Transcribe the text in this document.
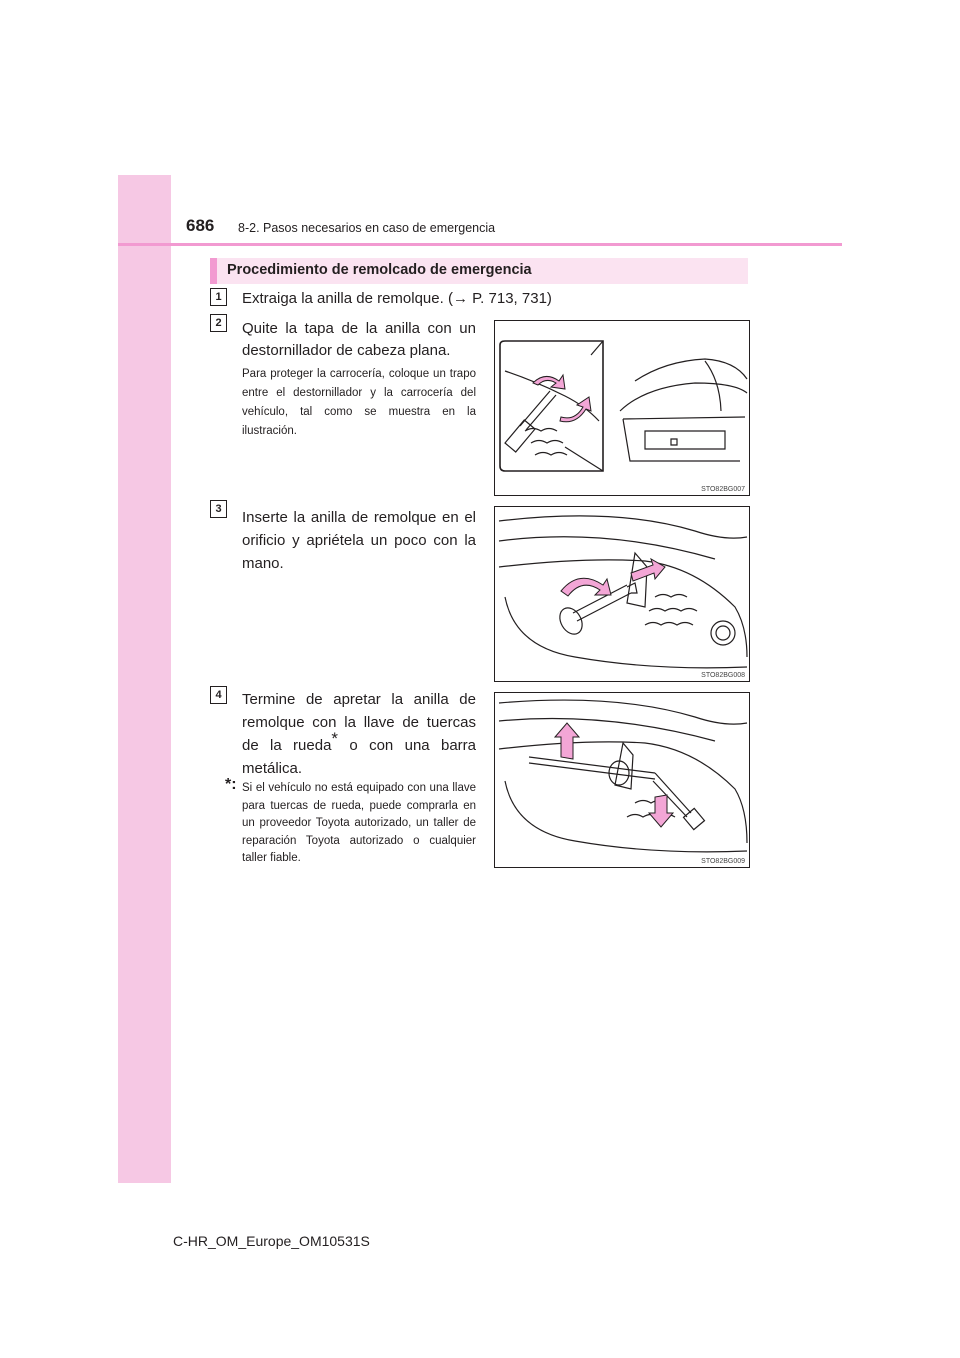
686 8-2. Pasos necesarios en caso de emergencia
Procedimiento de remolcado de emergencia
1	Extraiga la anilla de remolque. (→ P. 713, 731)
2	Quite la tapa de la anilla con un destornillador de cabeza plana.
Para proteger la carrocería, coloque un trapo entre el destornillador y la carrocería del vehículo, tal como se muestra en la ilustración.
STO82BG007
3	Inserte la anilla de remolque en el orificio y apriétela un poco con la mano.
STO82BG008
4	Termine de apretar la anilla de remolque con la llave de tuercas de la rueda* o con una barra metálica.
*: Si el vehículo no está equipado con una llave para tuercas de rueda, puede comprarla en un proveedor Toyota autorizado, un taller de reparación Toyota autorizado o cualquier taller fiable.	STO82BG009
C-HR_OM_Europe_OM10531S
